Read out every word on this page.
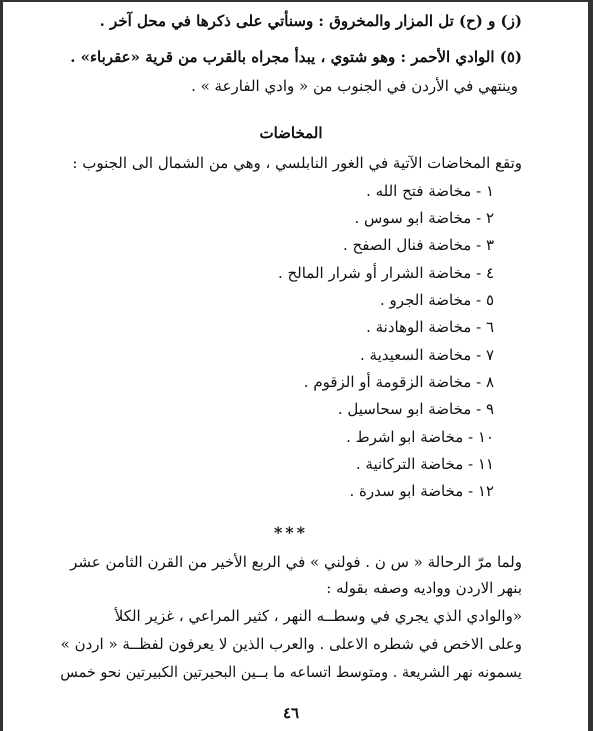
(ز) و (ح) تل المزار والمخروق : وسنأتي على ذكرها في محل آخر .
(٥) الوادي الأحمر : وهو شتوي ، يبدأ مجراه بالقرب من قرية «عقرباء» .
وينتهي في الأردن في الجنوب من « وادي الفارعة » .
المخاضات
وتقع المخاضات الآتية في الغور النابلسي ، وهي من الشمال الى الجنوب :
١ - مخاضة فتح الله .
٢ - مخاضة ابو سوس .
٣ - مخاضة فنال الصفح .
٤ - مخاضة الشرار أو شرار المالح .
٥ - مخاضة الجرو .
٦ - مخاضة الوهادنة .
٧ - مخاضة السعيدية .
٨ - مخاضة الزقومة أو الزقوم .
٩ - مخاضة ابو سحاسيل .
١٠ - مخاضة ابو اشرط .
١١ - مخاضة التركانية .
١٢ - مخاضة ابو سدرة .
***
ولما مرّ الرحالة « س ن . فولني » في الربع الأخير من القرن الثامن عشر
بنهر الاردن وواديه وصفه بقوله :
«والوادي الذي يجري في وسطــه النهر ، كثير المراعي ، غزير الكلأ
وعلى الاخص في شطره الاعلى . والعرب الذين لا يعرفون لفظــة « اردن »
يسمونه نهر الشريعة . ومتوسط اتساعه ما بــين البحيرتين الكبيرتين نحو خمس
٤٦
